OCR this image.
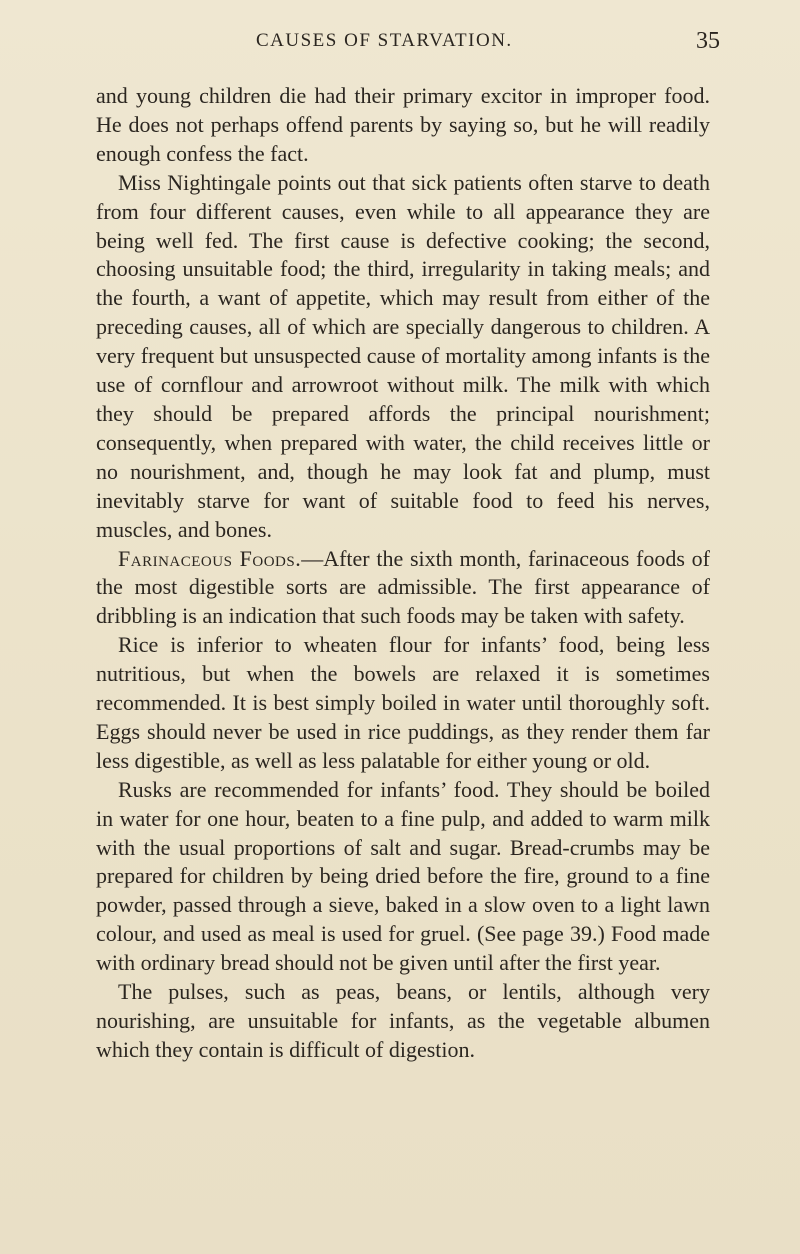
CAUSES OF STARVATION.	35

and young children die had their primary excitor in improper food. He does not perhaps offend parents by saying so, but he will readily enough confess the fact.

Miss Nightingale points out that sick patients often starve to death from four different causes, even while to all appearance they are being well fed. The first cause is defective cooking; the second, choosing unsuitable food; the third, irregularity in taking meals; and the fourth, a want of appetite, which may result from either of the preceding causes, all of which are specially dangerous to children. A very frequent but unsuspected cause of mortality among infants is the use of cornflour and arrowroot without milk. The milk with which they should be prepared affords the principal nourishment; consequently, when prepared with water, the child receives little or no nourishment, and, though he may look fat and plump, must inevitably starve for want of suitable food to feed his nerves, muscles, and bones.

Farinaceous Foods.—After the sixth month, farinaceous foods of the most digestible sorts are admissible. The first appearance of dribbling is an indication that such foods may be taken with safety.

Rice is inferior to wheaten flour for infants’ food, being less nutritious, but when the bowels are relaxed it is sometimes recommended. It is best simply boiled in water until thoroughly soft. Eggs should never be used in rice puddings, as they render them far less digestible, as well as less palatable for either young or old.

Rusks are recommended for infants’ food. They should be boiled in water for one hour, beaten to a fine pulp, and added to warm milk with the usual proportions of salt and sugar. Bread-crumbs may be prepared for children by being dried before the fire, ground to a fine powder, passed through a sieve, baked in a slow oven to a light lawn colour, and used as meal is used for gruel. (See page 39.) Food made with ordinary bread should not be given until after the first year.

The pulses, such as peas, beans, or lentils, although very nourishing, are unsuitable for infants, as the vegetable albumen which they contain is difficult of digestion.
